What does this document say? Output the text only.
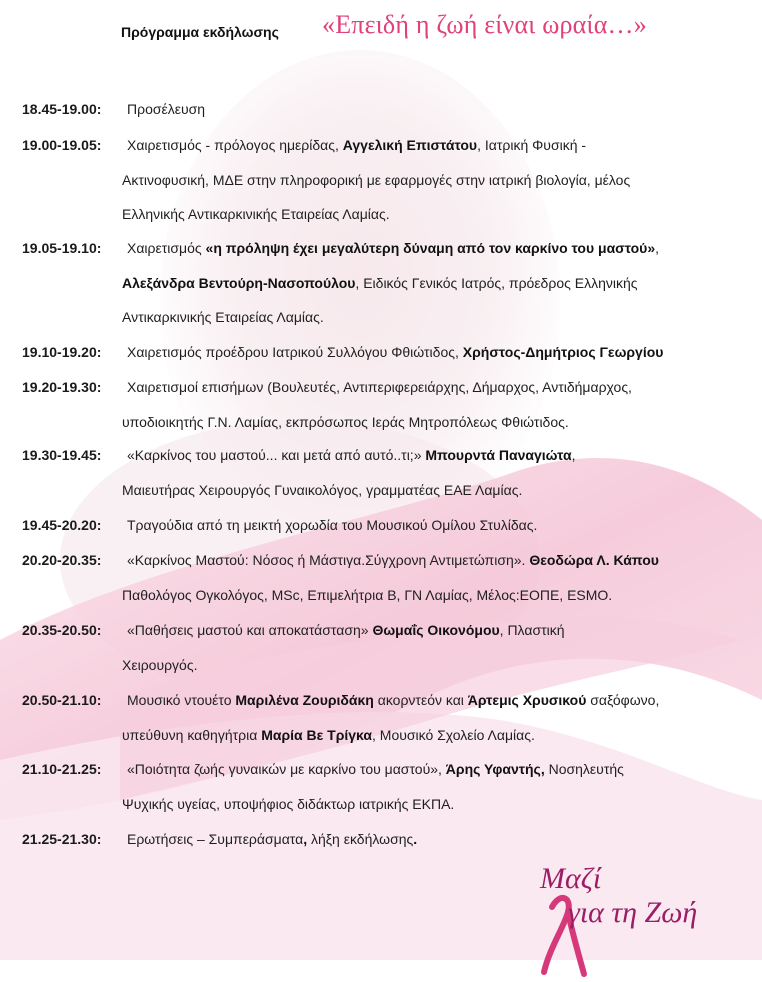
Πρόγραμμα εκδήλωσης «Επειδή η ζωή είναι ωραία…»
18.45-19.00: Προσέλευση
19.00-19.05: Χαιρετισμός - πρόλογος ημερίδας, Αγγελική Επιστάτου, Ιατρική Φυσική -
Ακτινοφυσική, ΜΔΕ στην πληροφορική με εφαρμογές στην ιατρική βιολογία, μέλος
Ελληνικής Αντικαρκινικής Εταιρείας Λαμίας.
19.05-19.10: Χαιρετισμός «η πρόληψη έχει μεγαλύτερη δύναμη από τον καρκίνο του μαστού»,
Αλεξάνδρα Βεντούρη-Νασοπούλου, Ειδικός Γενικός Ιατρός, πρόεδρος Ελληνικής
Αντικαρκινικής Εταιρείας Λαμίας.
19.10-19.20: Χαιρετισμός προέδρου Ιατρικού Συλλόγου Φθιώτιδος, Χρήστος-Δημήτριος Γεωργίου
19.20-19.30: Χαιρετισμοί επισήμων (Βουλευτές, Αντιπεριφερειάρχης, Δήμαρχος, Αντιδήμαρχος,
υποδιοικητής Γ.Ν. Λαμίας, εκπρόσωπος Ιεράς Μητροπόλεως Φθιώτιδος.
19.30-19.45: «Καρκίνος του μαστού... και μετά από αυτό..τι;» Μπουρντά Παναγιώτα,
Μαιευτήρας Χειρουργός Γυναικολόγος, γραμματέας ΕΑΕ Λαμίας.
19.45-20.20: Τραγούδια από τη μεικτή χορωδία του Μουσικού Ομίλου Στυλίδας.
20.20-20.35: «Καρκίνος Μαστού: Νόσος ή Μάστιγα.Σύγχρονη Αντιμετώπιση». Θεοδώρα Λ. Κάπου
Παθολόγος Ογκολόγος, MSc, Επιμελήτρια Β, ΓΝ Λαμίας, Μέλος:ΕΟΠΕ, ESMO.
20.35-20.50: «Παθήσεις μαστού και αποκατάσταση» Θωμαΐς Οικονόμου, Πλαστική
Χειρουργός.
20.50-21.10: Μουσικό ντουέτο Μαριλένα Ζουριδάκη ακορντεόν και Άρτεμις Χρυσικού σαξόφωνο,
υπεύθυνη καθηγήτρια Μαρία Βε Τρίγκα, Μουσικό Σχολείο Λαμίας.
21.10-21.25: «Ποιότητα ζωής γυναικών με καρκίνο του μαστού», Άρης Υφαντής, Νοσηλευτής
Ψυχικής υγείας, υποψήφιος διδάκτωρ ιατρικής ΕΚΠΑ.
21.25-21.30: Ερωτήσεις – Συμπεράσματα, λήξη εκδήλωσης.
Μαζί
για τη Ζωή
